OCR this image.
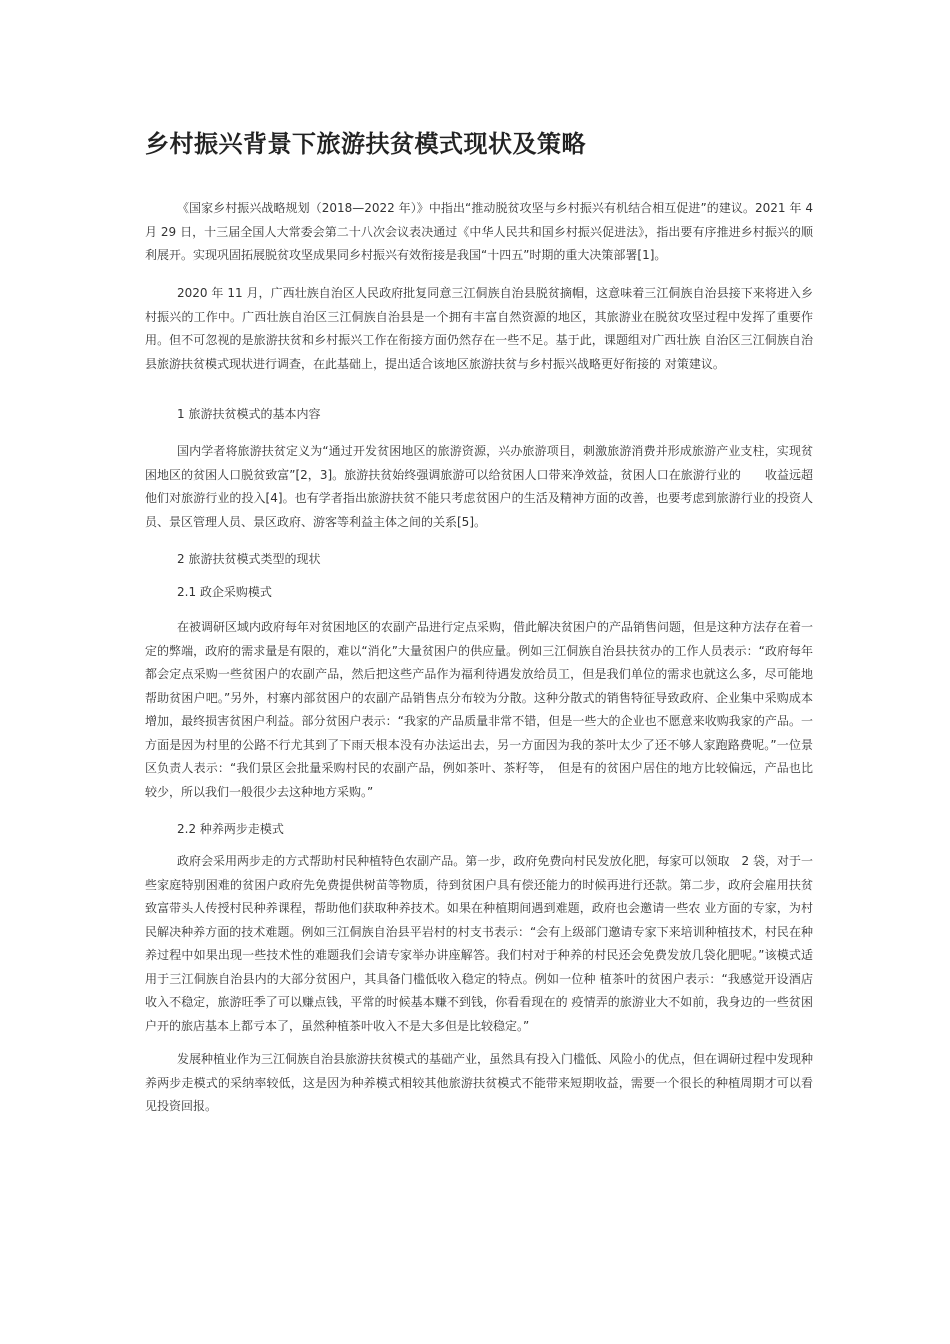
乡村振兴背景下旅游扶贫模式现状及策略
《国家乡村振兴战略规划（2018—2022 年）》中指出“推动脱贫攻坚与乡村振兴有机结合相互促进”的建议。2021 年 4 月 29 日，十三届全国人大常委会第二十八次会议表决通过《中华人民共和国乡村振兴促进法》，指出要有序推进乡村振兴的顺利展开。实现巩固拓展脱贫攻坚成果同乡村振兴有效衔接是我国“十四五”时期的重大决策部署[1]。
2020 年 11 月，广西壮族自治区人民政府批复同意三江侗族自治县脱贫摘帽，这意味着三江侗族自治县接下来将进入乡村振兴的工作中。广西壮族自治区三江侗族自治县是一个拥有丰富自然资源的地区，其旅游业在脱贫攻坚过程中发挥了重要作用。但不可忽视的是旅游扶贫和乡村振兴工作在衔接方面仍然存在一些不足。基于此，课题组对广西壮族 自治区三江侗族自治县旅游扶贫模式现状进行调查，在此基础上，提出适合该地区旅游扶贫与乡村振兴战略更好衔接的 对策建议。
1 旅游扶贫模式的基本内容
国内学者将旅游扶贫定义为“通过开发贫困地区的旅游资源，兴办旅游项目，刺激旅游消费并形成旅游产业支柱，实现贫困地区的贫困人口脱贫致富”[2，3]。旅游扶贫始终强调旅游可以给贫困人口带来净效益，贫困人口在旅游行业的　　收益远超他们对旅游行业的投入[4]。也有学者指出旅游扶贫不能只考虑贫困户的生活及精神方面的改善，也要考虑到旅游行业的投资人员、景区管理人员、景区政府、游客等利益主体之间的关系[5]。
2 旅游扶贫模式类型的现状
2.1 政企采购模式
在被调研区域内政府每年对贫困地区的农副产品进行定点采购，借此解决贫困户的产品销售问题，但是这种方法存在着一定的弊端，政府的需求量是有限的，难以“消化”大量贫困户的供应量。例如三江侗族自治县扶贫办的工作人员表示：“政府每年都会定点采购一些贫困户的农副产品，然后把这些产品作为福利待遇发放给员工，但是我们单位的需求也就这么多，尽可能地帮助贫困户吧。”另外，村寨内部贫困户的农副产品销售点分布较为分散。这种分散式的销售特征导致政府、企业集中采购成本增加，最终损害贫困户利益。部分贫困户表示：“我家的产品质量非常不错，但是一些大的企业也不愿意来收购我家的产品。一方面是因为村里的公路不行尤其到了下雨天根本没有办法运出去，另一方面因为我的茶叶太少了还不够人家跑路费呢。”一位景区负责人表示：“我们景区会批量采购村民的农副产品，例如茶叶、茶籽等，　但是有的贫困户居住的地方比较偏远，产品也比较少，所以我们一般很少去这种地方采购。”
2.2 种养两步走模式
政府会采用两步走的方式帮助村民种植特色农副产品。第一步，政府免费向村民发放化肥，每家可以领取　2 袋，对于一些家庭特别困难的贫困户政府先免费提供树苗等物质，待到贫困户具有偿还能力的时候再进行还款。第二步，政府会雇用扶贫致富带头人传授村民种养课程，帮助他们获取种养技术。如果在种植期间遇到难题，政府也会邀请一些农 业方面的专家，为村民解决种养方面的技术难题。例如三江侗族自治县平岩村的村支书表示：“会有上级部门邀请专家下来培训种植技术，村民在种养过程中如果出现一些技术性的难题我们会请专家举办讲座解答。我们村对于种养的村民还会免费发放几袋化肥呢。”该模式适用于三江侗族自治县内的大部分贫困户，其具备门槛低收入稳定的特点。例如一位种 植茶叶的贫困户表示：“我感觉开设酒店收入不稳定，旅游旺季了可以赚点钱，平常的时候基本赚不到钱，你看看现在的 疫情弄的旅游业大不如前，我身边的一些贫困户开的旅店基本上都亏本了，虽然种植茶叶收入不是大多但是比较稳定。”
发展种植业作为三江侗族自治县旅游扶贫模式的基础产业，虽然具有投入门槛低、风险小的优点，但在调研过程中发现种养两步走模式的采纳率较低，这是因为种养模式相较其他旅游扶贫模式不能带来短期收益，需要一个很长的种植周期才可以看见投资回报。
